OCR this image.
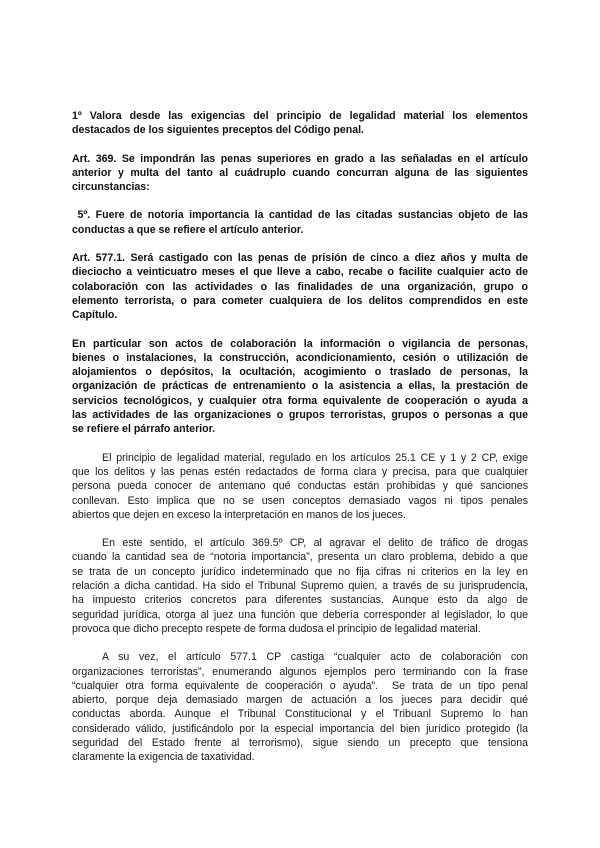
1º Valora desde las exigencias del principio de legalidad material los elementos
destacados de los siguientes preceptos del Código penal.

Art. 369. Se impondrán las penas superiores en grado a las señaladas en el artículo
anterior y multa del tanto al cuádruplo cuando concurran alguna de las siguientes
circunstancias:

5º. Fuere de notoria importancia la cantidad de las citadas sustancias objeto de las
conductas a que se refiere el artículo anterior.

Art. 577.1. Será castigado con las penas de prisión de cinco a diez años y multa de
dieciocho a veinticuatro meses el que lleve a cabo, recabe o facilite cualquier acto de
colaboración con las actividades o las finalidades de una organización, grupo o
elemento terrorista, o para cometer cualquiera de los delitos comprendidos en este
Capítulo.

En particular son actos de colaboración la información o vigilancia de personas,
bienes o instalaciones, la construcción, acondicionamiento, cesión o utilización de
alojamientos o depósitos, la ocultación, acogimiento o traslado de personas, la
organización de prácticas de entrenamiento o la asistencia a ellas, la prestación de
servicios tecnológicos, y cualquier otra forma equivalente de cooperación o ayuda a
las actividades de las organizaciones o grupos terroristas, grupos o personas a que
se refiere el párrafo anterior.

El principio de legalidad material, regulado en los artículos 25.1 CE y 1 y 2 CP, exige
que los delitos y las penas estén redactados de forma clara y precisa, para que cualquier
persona pueda conocer de antemano qué conductas están prohibidas y qué sanciones
conllevan. Esto implica que no se usen conceptos demasiado vagos ni tipos penales
abiertos que dejen en exceso la interpretación en manos de los jueces.

En este sentido, el artículo 369.5º CP, al agravar el delito de tráfico de drogas
cuando la cantidad sea de “notoria importancia”, presenta un claro problema, debido a que
se trata de un concepto jurídico indeterminado que no fija cifras ni criterios en la ley en
relación a dicha cantidad. Ha sido el Tribunal Supremo quien, a través de su jurisprudencia,
ha impuesto criterios concretos para diferentes sustancias. Aunque esto da algo de
seguridad jurídica, otorga al juez una función que debería corresponder al legislador, lo que
provoca que dicho precepto respete de forma dudosa el principio de legalidad material.

A su vez, el artículo 577.1 CP castiga “cualquier acto de colaboración con
organizaciones terroristas”, enumerando algunos ejemplos pero terminando con la frase
“cualquier otra forma equivalente de cooperación o ayuda”.  Se trata de un tipo penal
abierto, porque deja demasiado margen de actuación a los jueces para decidir qué
conductas aborda. Aunque el Tribunal Constitucional y el Tribuanl Supremo lo han
considerado válido, justificándolo por la especial importancia del bien jurídico protegido (la
seguridad del Estado frente al terrorismo), sigue siendo un precepto que tensiona
claramente la exigencia de taxatividad.
